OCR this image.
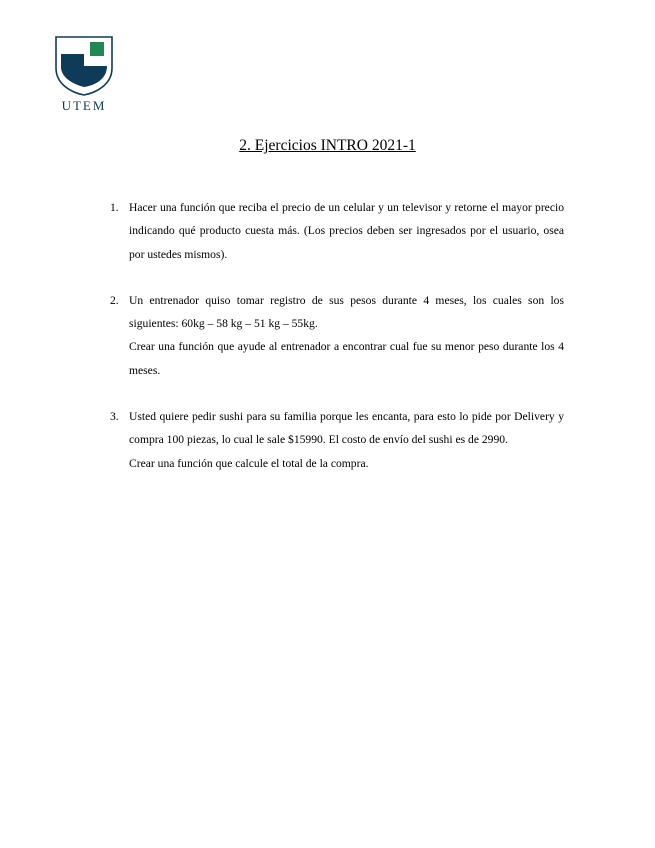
UTEM
2. Ejercicios INTRO 2021-1
1. Hacer una función que reciba el precio de un celular y un televisor y retorne el mayor precio indicando qué producto cuesta más. (Los precios deben ser ingresados por el usuario, osea por ustedes mismos).

2. Un entrenador quiso tomar registro de sus pesos durante 4 meses, los cuales son los siguientes: 60kg – 58 kg – 51 kg – 55kg.

Crear una función que ayude al entrenador a encontrar cual fue su menor peso durante los 4 meses.

3. Usted quiere pedir sushi para su familia porque les encanta, para esto lo pide por Delivery y compra 100 piezas, lo cual le sale $15990. El costo de envío del sushi es de 2990.

Crear una función que calcule el total de la compra.
